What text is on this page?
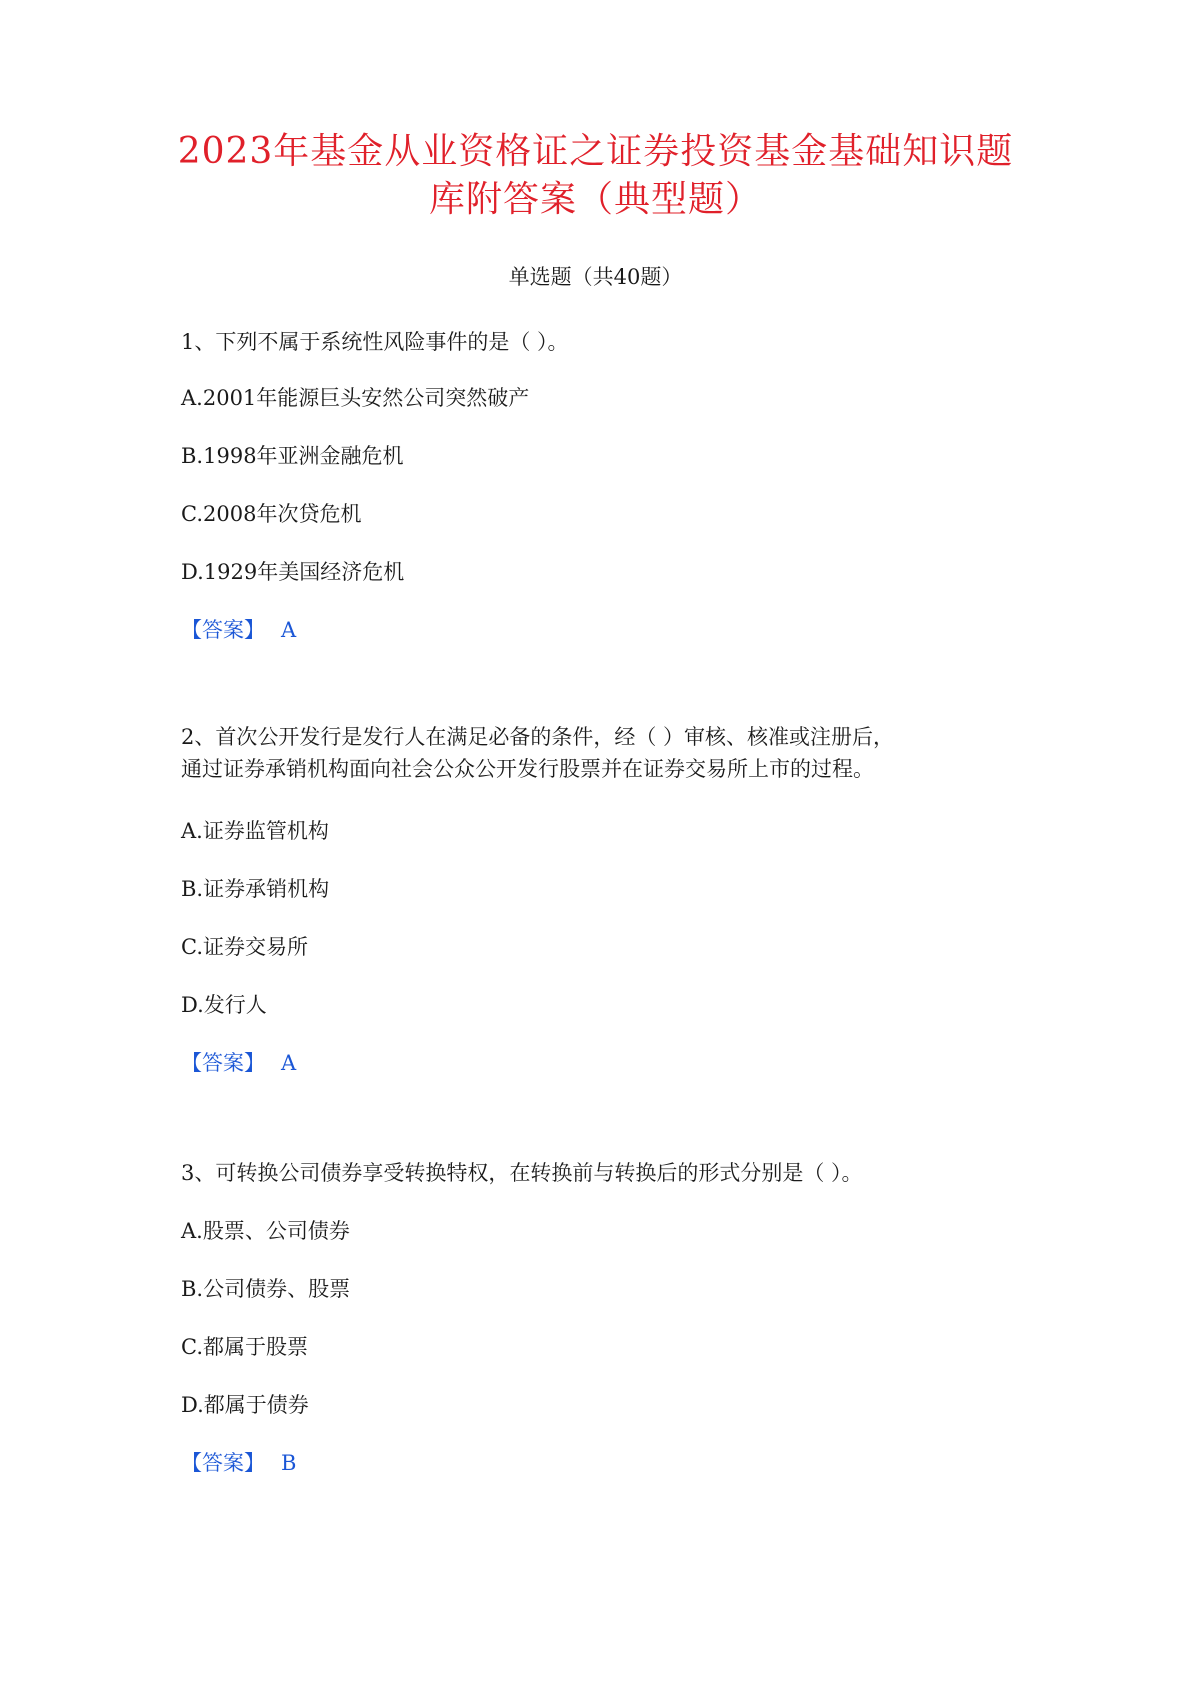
2023年基金从业资格证之证券投资基金基础知识题
库附答案（典型题）
单选题（共40题）
1、下列不属于系统性风险事件的是（ ）。
A.2001年能源巨头安然公司突然破产
B.1998年亚洲金融危机
C.2008年次贷危机
D.1929年美国经济危机
【答案】 A
2、首次公开发行是发行人在满足必备的条件，经（ ）审核、核准或注册后，
通过证券承销机构面向社会公众公开发行股票并在证券交易所上市的过程。
A.证券监管机构
B.证券承销机构
C.证券交易所
D.发行人
【答案】 A
3、可转换公司债券享受转换特权，在转换前与转换后的形式分别是（ ）。
A.股票、公司债券
B.公司债券、股票
C.都属于股票
D.都属于债券
【答案】 B
